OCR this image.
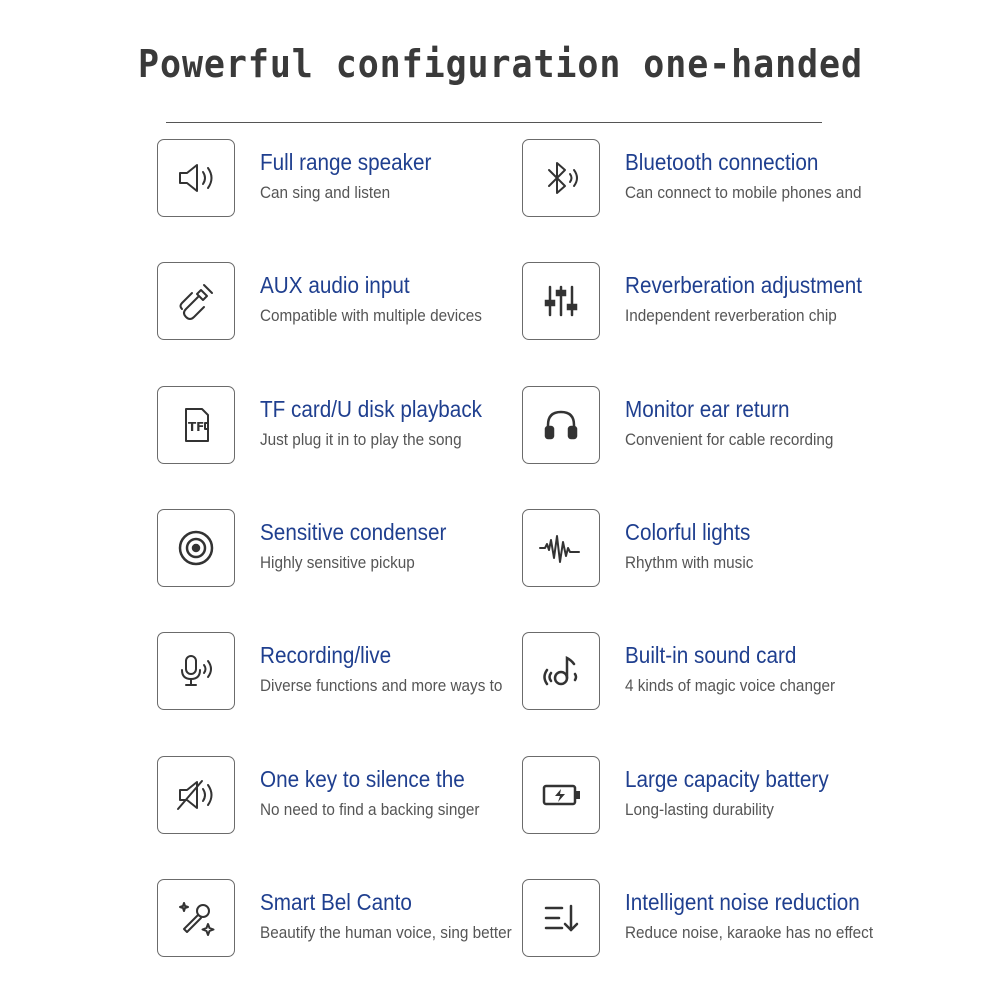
Powerful configuration one-handed
Full range speaker
Can sing and listen
Bluetooth connection
Can connect to mobile phones and
AUX audio input
Compatible with multiple devices
Reverberation adjustment
Independent reverberation chip
TF
TF card/U disk playback
Just plug it in to play the song
Monitor ear return
Convenient for cable recording
Sensitive condenser
Highly sensitive pickup
Colorful lights
Rhythm with music
Recording/live
Diverse functions and more ways to
Built-in sound card
4 kinds of magic voice changer
One key to silence the
No need to find a backing singer
Large capacity battery
Long-lasting durability
Smart Bel Canto
Beautify the human voice, sing better
Intelligent noise reduction
Reduce noise, karaoke has no effect
